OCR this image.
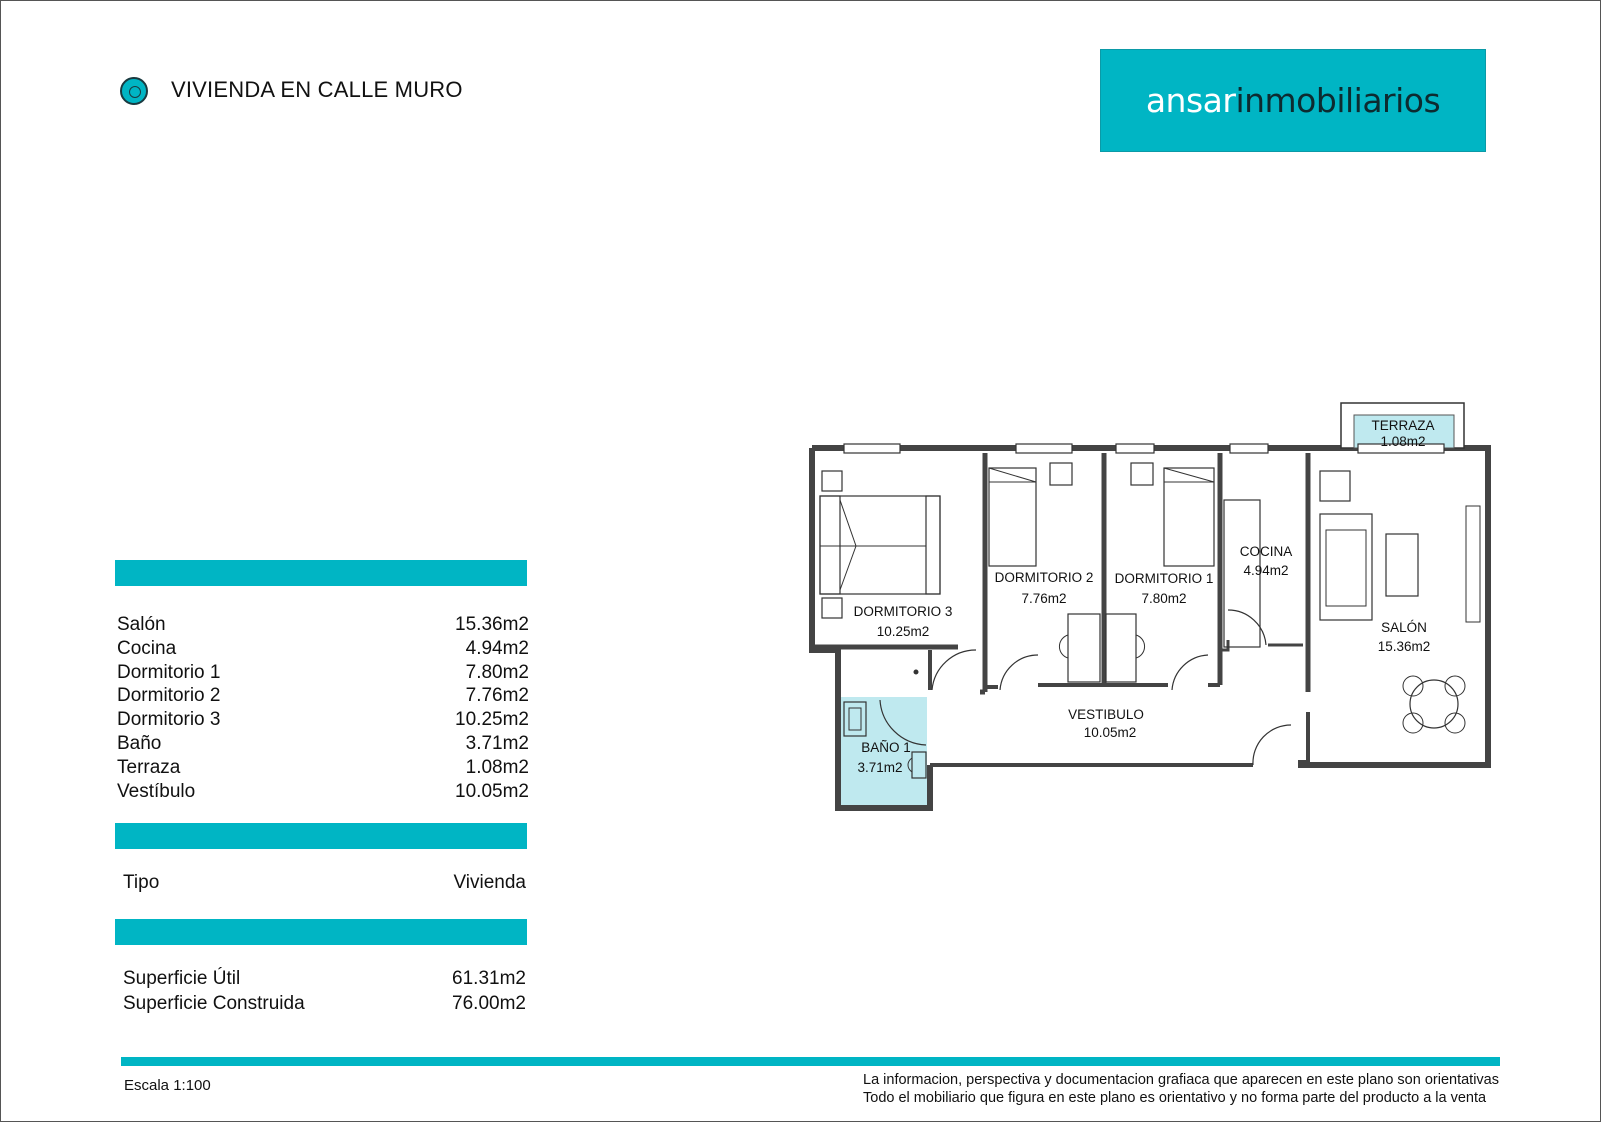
VIVIENDA EN CALLE MURO	ansar inmobiliarios
Salón	15.36m2
Cocina	4.94m2
Dormitorio 1	7.80m2
Dormitorio 2	7.76m2
Dormitorio 3	10.25m2
Baño	3.71m2
Terraza	1.08m2
Vestíbulo	10.05m2
Tipo	Vivienda
Superficie Útil	61.31m2
Superficie Construida	76.00m2
TERRAZA
1.08m2
DORMITORIO 3
10.25m2
DORMITORIO 2
7.76m2
DORMITORIO 1
7.80m2
COCINA
4.94m2
SALÓN
15.36m2
VESTIBULO
10.05m2
BAÑO 1
3.71m2
Escala 1:100	La informacion, perspectiva y documentacion grafiaca que aparecen en este plano son orientativas
Todo el mobiliario que figura en este plano es orientativo y no forma parte del producto a la venta
